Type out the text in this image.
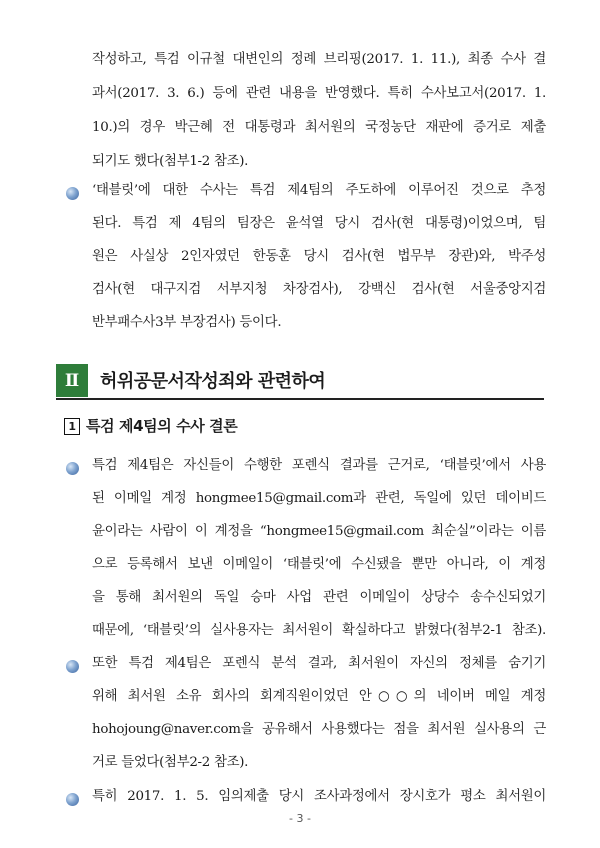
작성하고, 특검 이규철 대변인의 정례 브리핑(2017. 1. 11.), 최종 수사 결
과서(2017. 3. 6.) 등에 관련 내용을 반영했다. 특히 수사보고서(2017. 1.
10.)의 경우 박근혜 전 대통령과 최서원의 국정농단 재판에 증거로 제출
되기도 했다(첨부1-2 참조).
‘태블릿’에 대한 수사는 특검 제4팀의 주도하에 이루어진 것으로 추정
된다. 특검 제 4팀의 팀장은 윤석열 당시 검사(현 대통령)이었으며, 팀
원은 사실상 2인자였던 한동훈 당시 검사(현 법무부 장관)와, 박주성
검사(현 대구지검 서부지청 차장검사), 강백신 검사(현 서울중앙지검
반부패수사3부 부장검사) 등이다.
Ⅱ	허위공문서작성죄와 관련하여
1 특검 제4팀의 수사 결론
특검 제4팀은 자신들이 수행한 포렌식 결과를 근거로, ‘태블릿’에서 사용
된 이메일 계정 hongmee15@gmail.com과 관련, 독일에 있던 데이비드
윤이라는 사람이 이 계정을 “hongmee15@gmail.com 최순실”이라는 이름
으로 등록해서 보낸 이메일이 ‘태블릿’에 수신됐을 뿐만 아니라, 이 계정
을 통해 최서원의 독일 승마 사업 관련 이메일이 상당수 송수신되었기
때문에, ‘태블릿’의 실사용자는 최서원이 확실하다고 밝혔다(첨부2-1 참조).
또한 특검 제4팀은 포렌식 분석 결과, 최서원이 자신의 정체를 숨기기
위해 최서원 소유 회사의 회계직원이었던 안○○의 네이버 메일 계정
hohojoung@naver.com을 공유해서 사용했다는 점을 최서원 실사용의 근
거로 들었다(첨부2-2 참조).
특히 2017. 1. 5. 임의제출 당시 조사과정에서 장시호가 평소 최서원이
- 3 -
